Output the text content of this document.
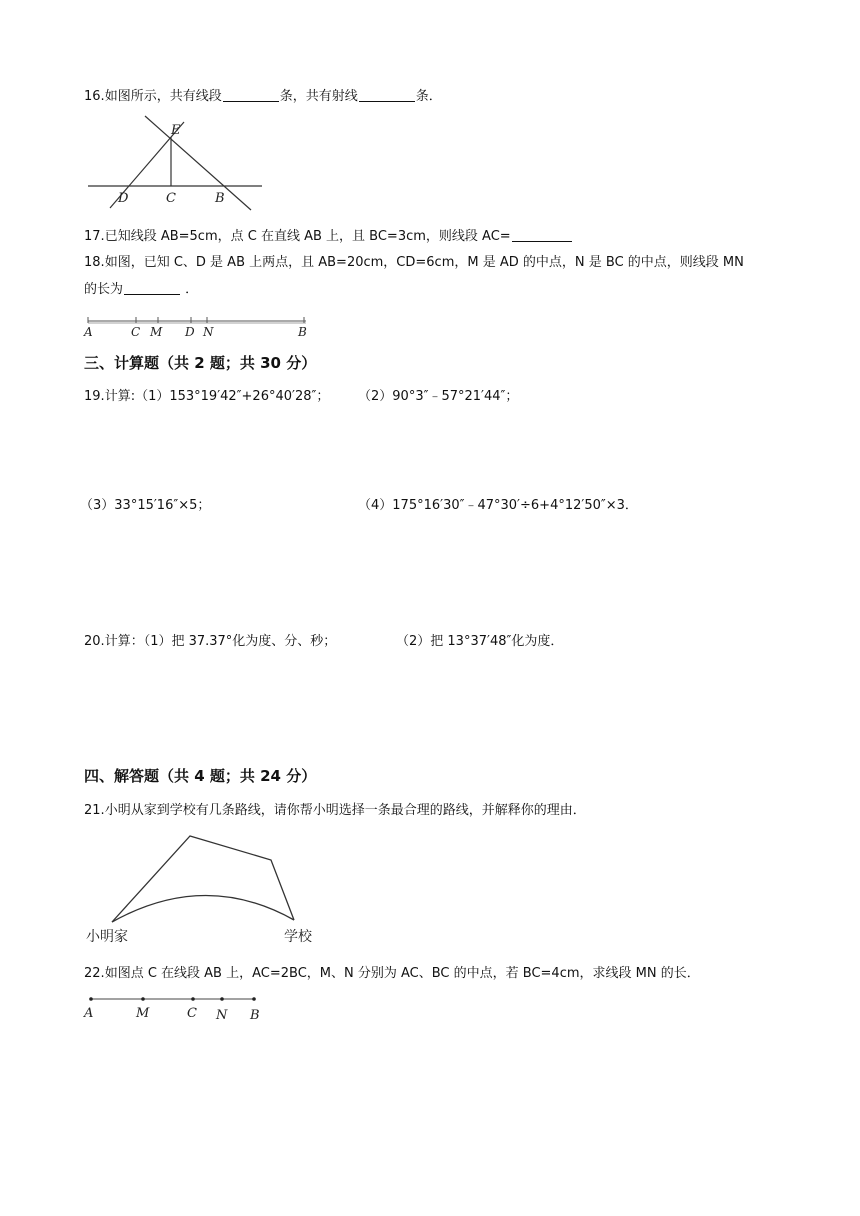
16.如图所示，共有线段	条，共有射线	条．
E
D	C	B
17.已知线段 AB=5cm，点 C 在直线 AB 上，且 BC=3cm，则线段 AC=
18.如图，已知 C、D 是 AB 上两点，且 AB=20cm，CD=6cm，M 是 AD 的中点，N 是 BC 的中点，则线段 MN
的长为	．
A	C M D N	B
三、计算题（共 2 题；共 30 分）
19.计算:（1）153°19′42″+26°40′28″； （2）90°3″﹣57°21′44″；
（3）33°15′16″×5；	（4）175°16′30″﹣47°30′÷6+4°12′50″×3．
20.计算：（1）把 37.37°化为度、分、秒；	（2）把 13°37′48″化为度．
四、解答题（共 4 题；共 24 分）
21.小明从家到学校有几条路线，请你帮小明选择一条最合理的路线，并解释你的理由．
小明家	学校
22.如图点 C 在线段 AB 上，AC=2BC，M、N 分别为 AC、BC 的中点，若 BC=4cm，求线段 MN 的长．
A	M	C N B
